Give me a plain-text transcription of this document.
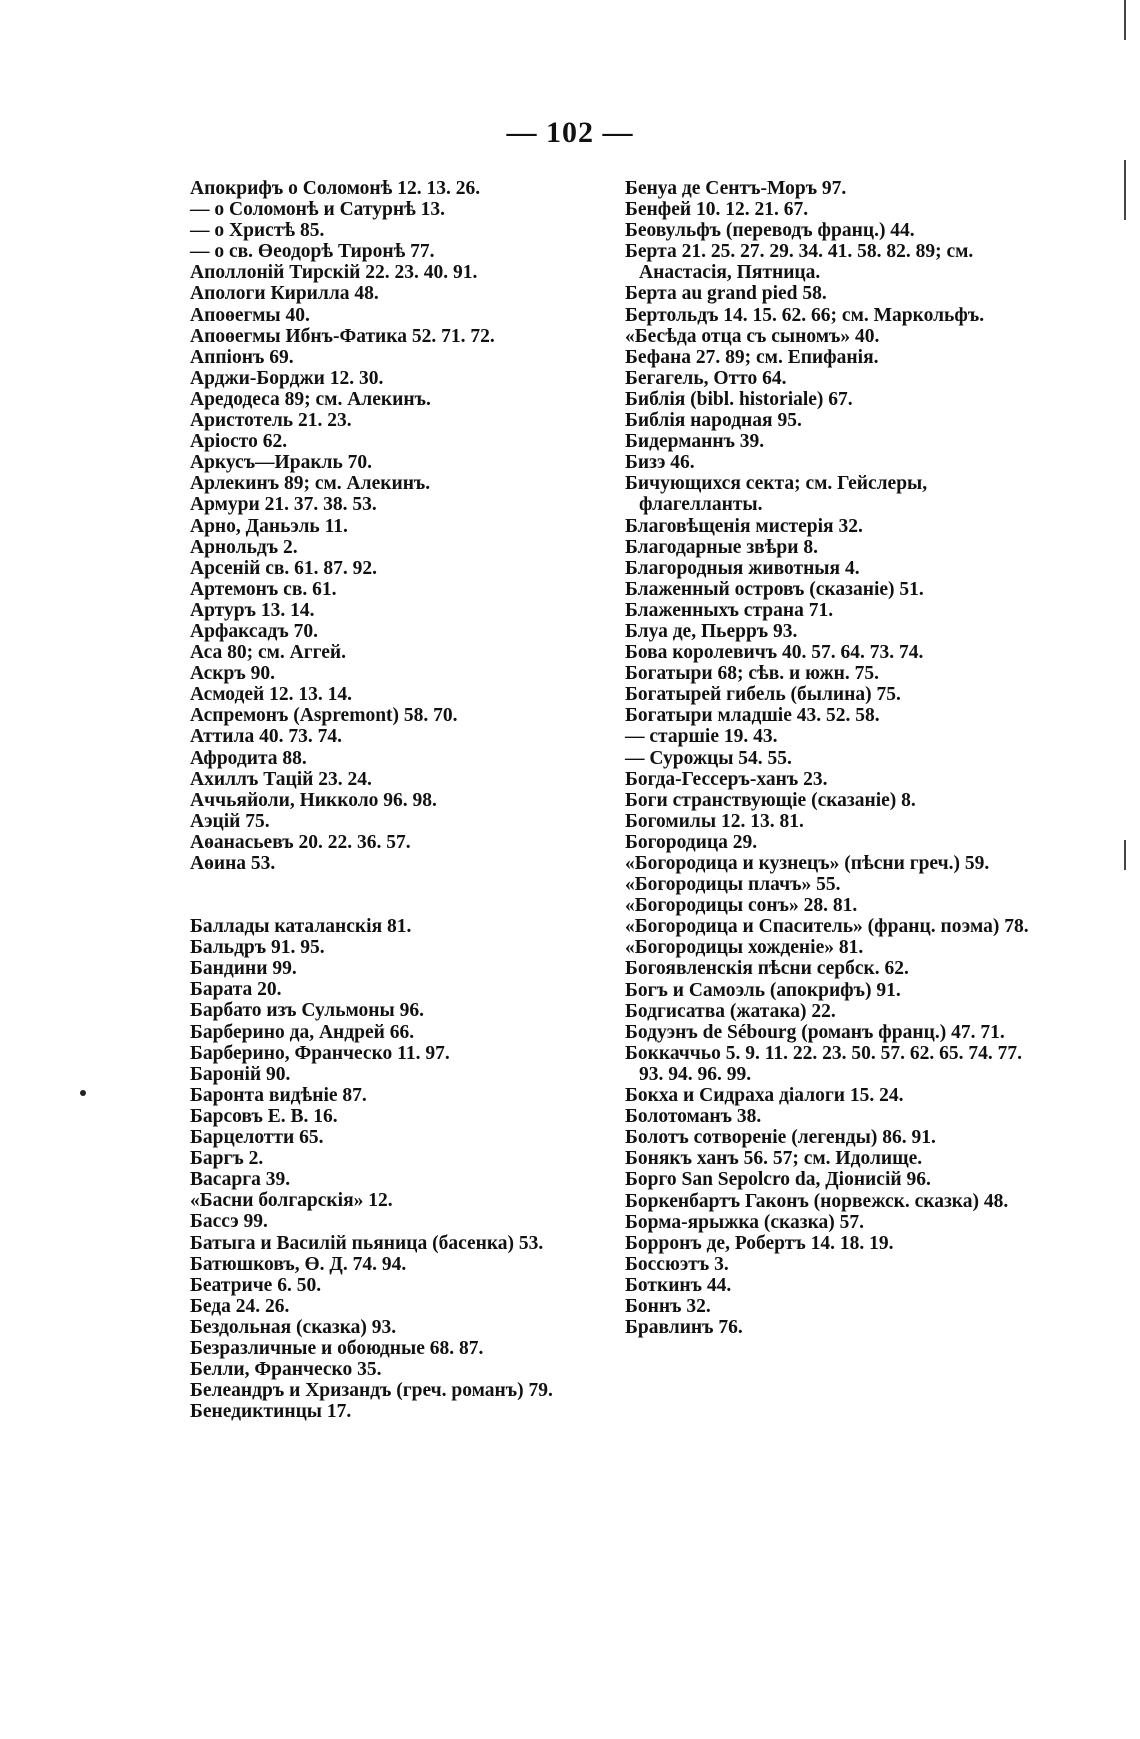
— 102 —
Апокрифъ о Соломонѣ 12. 13. 26.
— о Соломонѣ и Сатурнѣ 13.
— о Христѣ 85.
— о св. Өеодорѣ Тиронѣ 77.
Аполлоній Тирскій 22. 23. 40. 91.
Апологи Кирилла 48.
Апоөегмы 40.
Апоөегмы Ибнъ-Фатика 52. 71. 72.
Аппіонъ 69.
Арджи-Борджи 12. 30.
Аредодеса 89; см. Алекинъ.
Аристотель 21. 23.
Аріосто 62.
Аркусъ—Иракль 70.
Арлекинъ 89; см. Алекинъ.
Армури 21. 37. 38. 53.
Арно, Даньэль 11.
Арнольдъ 2.
Арсеній св. 61. 87. 92.
Артемонъ св. 61.
Артуръ 13. 14.
Арфаксадъ 70.
Аса 80; см. Аггей.
Аскръ 90.
Асмодей 12. 13. 14.
Аспремонъ (Aspremont) 58. 70.
Аттила 40. 73. 74.
Афродита 88.
Ахиллъ Тацій 23. 24.
Аччьяйоли, Никколо 96. 98.
Аэцій 75.
Аөанасьевъ 20. 22. 36. 57.
Аөина 53.
Баллады каталанскія 81.
Бальдръ 91. 95.
Бандини 99.
Барата 20.
Барбато изъ Сульмоны 96.
Барберино да, Андрей 66.
Барберино, Франческо 11. 97.
Бароній 90.
Баронта видѣніе 87.
Барсовъ Е. В. 16.
Барцелотти 65.
Баргъ 2.
Васарга 39.
«Басни болгарскія» 12.
Бассэ 99.
Батыга и Василій пьяница (басенка) 53.
Батюшковъ, Ө. Д. 74. 94.
Беатриче 6. 50.
Беда 24. 26.
Бездольная (сказка) 93.
Безразличные и обоюдные 68. 87.
Белли, Франческо 35.
Белеандръ и Хризандъ (греч. романъ) 79.
Бенедиктинцы 17.
Бенуа де Сентъ-Моръ 97.
Бенфей 10. 12. 21. 67.
Беовульфъ (переводъ франц.) 44.
Берта 21. 25. 27. 29. 34. 41. 58. 82. 89; см. Анастасія, Пятница.
Берта au grand pied 58.
Бертольдъ 14. 15. 62. 66; см. Маркольфъ.
«Бесѣда отца съ сыномъ» 40.
Бефана 27. 89; см. Епифанія.
Бегагель, Отто 64.
Библія (bibl. historiale) 67.
Библія народная 95.
Бидерманнъ 39.
Бизэ 46.
Бичующихся секта; см. Гейслеры, флагелланты.
Благовѣщенія мистерія 32.
Благодарные звѣри 8.
Благородныя животныя 4.
Блаженный островъ (сказаніе) 51.
Блаженныхъ страна 71.
Блуа де, Пьерръ 93.
Бова королевичъ 40. 57. 64. 73. 74.
Богатыри 68; сѣв. и южн. 75.
Богатырей гибель (былина) 75.
Богатыри младшіе 43. 52. 58.
— старшіе 19. 43.
— Сурожцы 54. 55.
Богда-Гессеръ-ханъ 23.
Боги странствующіе (сказаніе) 8.
Богомилы 12. 13. 81.
Богородица 29.
«Богородица и кузнецъ» (пѣсни греч.) 59.
«Богородицы плачъ» 55.
«Богородицы сонъ» 28. 81.
«Богородица и Спаситель» (франц. поэма) 78.
«Богородицы хожденіе» 81.
Богоявленскія пѣсни сербск. 62.
Богъ и Самоэль (апокрифъ) 91.
Бодгисатва (жатака) 22.
Бодуэнъ de Sébourg (романъ франц.) 47. 71.
Боккаччьо 5. 9. 11. 22. 23. 50. 57. 62. 65. 74. 77. 93. 94. 96. 99.
Бокха и Сидраха діалоги 15. 24.
Болотоманъ 38.
Болотъ сотвореніе (легенды) 86. 91.
Бонякъ ханъ 56. 57; см. Идолище.
Борго San Sepolcro da, Діонисій 96.
Боркенбартъ Гаконъ (норвежск. сказка) 48.
Борма-ярыжка (сказка) 57.
Борронъ де, Робертъ 14. 18. 19.
Боссюэтъ 3.
Боткинъ 44.
Боннъ 32.
Бравлинъ 76.
